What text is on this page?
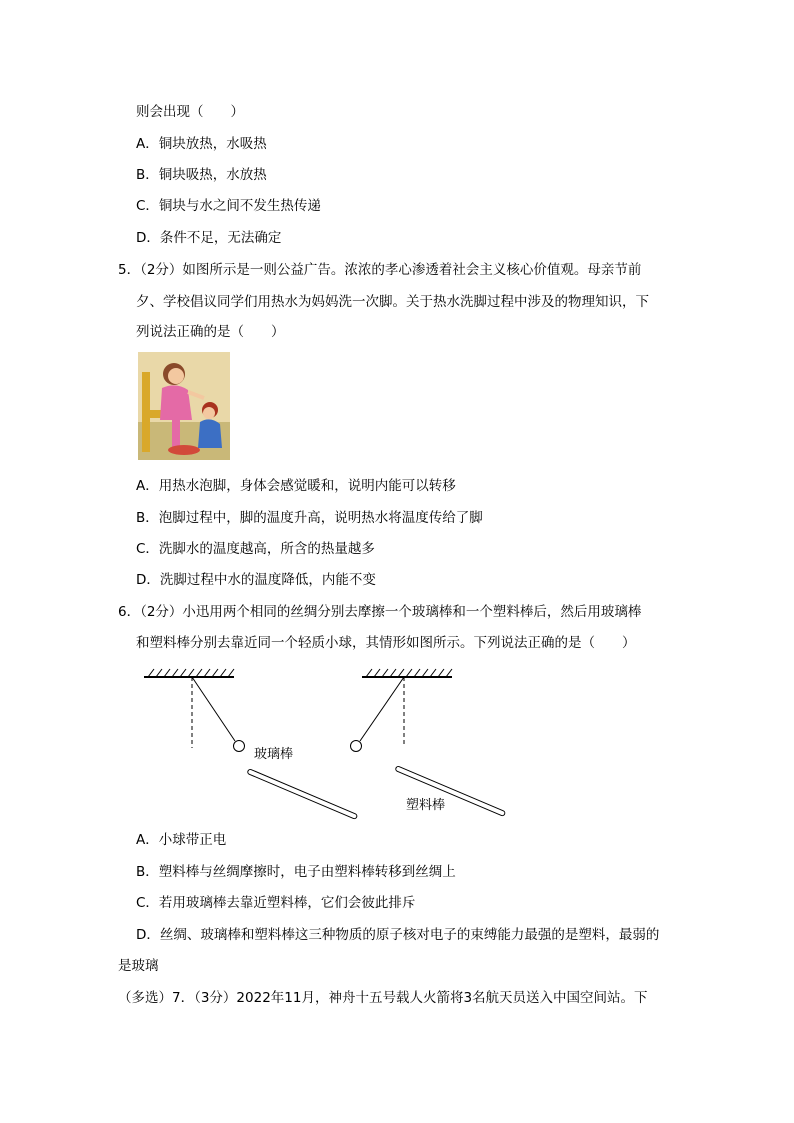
则会出现（　　）
A．铜块放热，水吸热
B．铜块吸热，水放热
C．铜块与水之间不发生热传递
D．条件不足，无法确定
5．（2分）如图所示是一则公益广告。浓浓的孝心渗透着社会主义核心价值观。母亲节前
夕、学校倡议同学们用热水为妈妈洗一次脚。关于热水洗脚过程中涉及的物理知识，下
列说法正确的是（　　）
A．用热水泡脚，身体会感觉暖和，说明内能可以转移
B．泡脚过程中，脚的温度升高，说明热水将温度传给了脚
C．洗脚水的温度越高，所含的热量越多
D．洗脚过程中水的温度降低，内能不变
6．（2分）小迅用两个相同的丝绸分别去摩擦一个玻璃棒和一个塑料棒后，然后用玻璃棒
和塑料棒分别去靠近同一个轻质小球，其情形如图所示。下列说法正确的是（　　）
玻璃棒
塑料棒
A．小球带正电
B．塑料棒与丝绸摩擦时，电子由塑料棒转移到丝绸上
C．若用玻璃棒去靠近塑料棒，它们会彼此排斥
D．丝绸、玻璃棒和塑料棒这三种物质的原子核对电子的束缚能力最强的是塑料，最弱的
是玻璃
（多选）7．（3分）2022年11月，神舟十五号载人火箭将3名航天员送入中国空间站。下
